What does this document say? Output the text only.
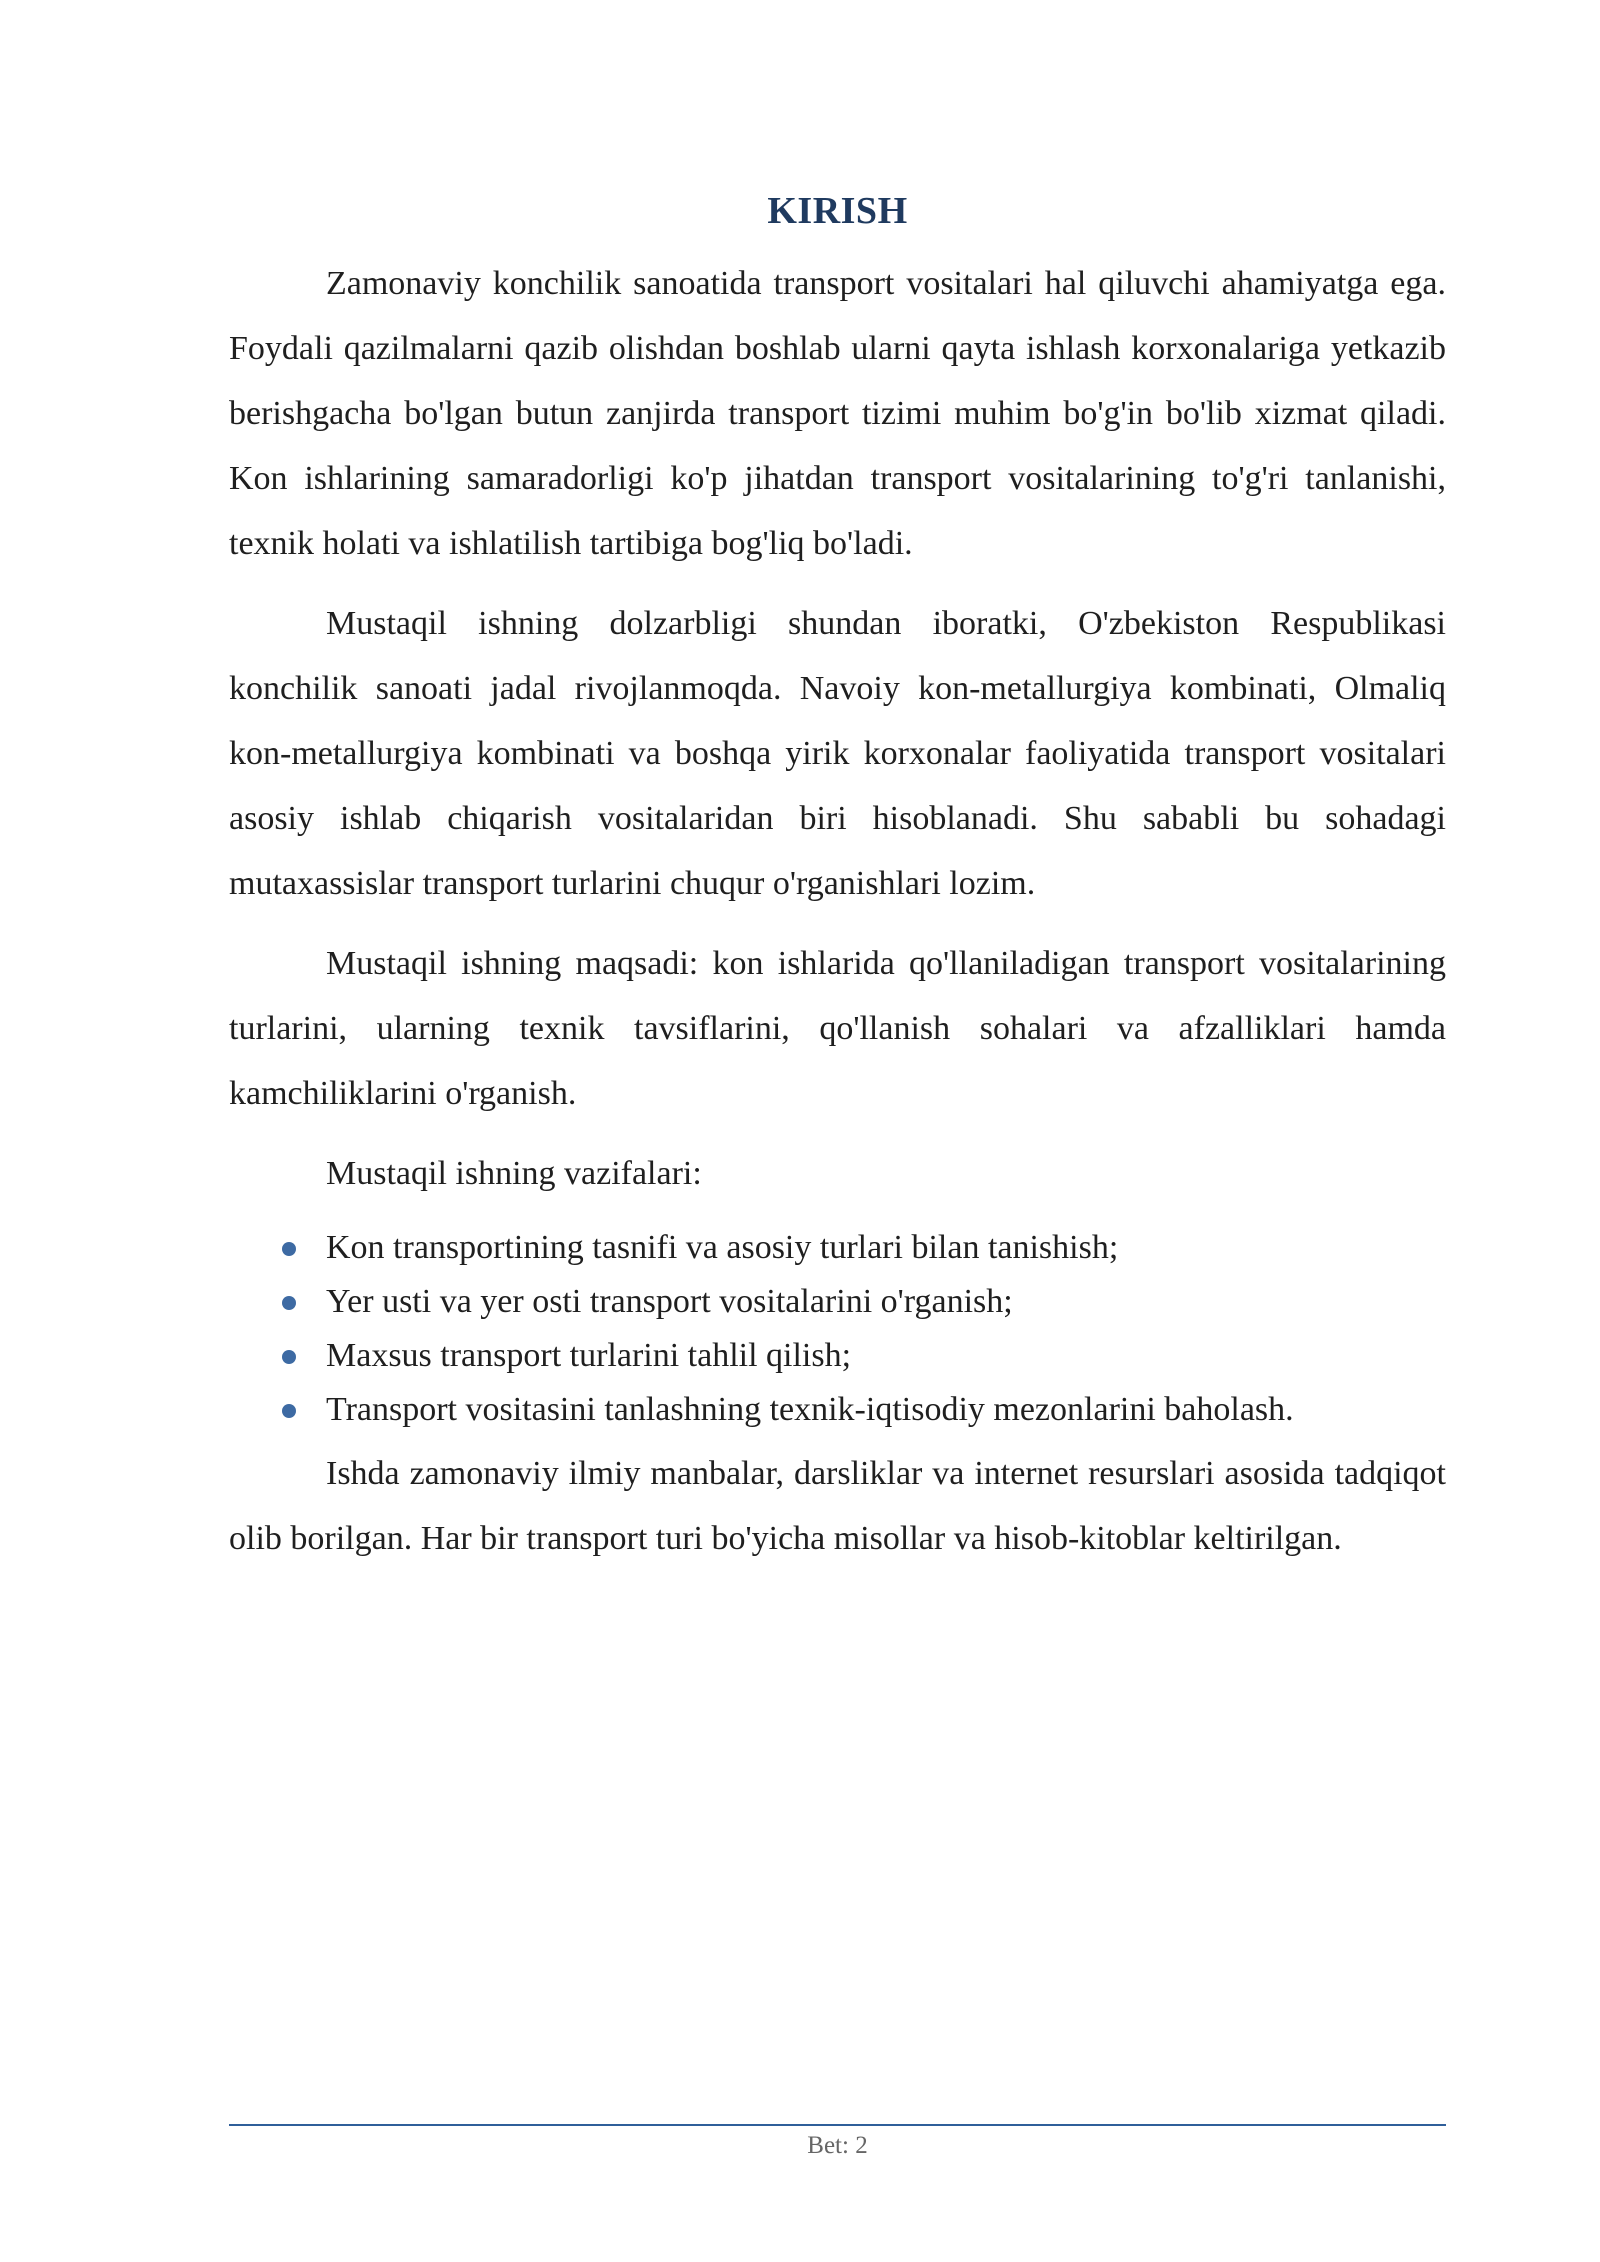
KIRISH

Zamonaviy konchilik sanoatida transport vositalari hal qiluvchi ahamiyatga ega. Foydali qazilmalarni qazib olishdan boshlab ularni qayta ishlash korxonalariga yetkazib berishgacha bo'lgan butun zanjirda transport tizimi muhim bo'g'in bo'lib xizmat qiladi. Kon ishlarining samaradorligi ko'p jihatdan transport vositalarining to'g'ri tanlanishi, texnik holati va ishlatilish tartibiga bog'liq bo'ladi.

Mustaqil ishning dolzarbligi shundan iboratki, O'zbekiston Respublikasi konchilik sanoati jadal rivojlanmoqda. Navoiy kon-metallurgiya kombinati, Olmaliq kon-metallurgiya kombinati va boshqa yirik korxonalar faoliyatida transport vositalari asosiy ishlab chiqarish vositalaridan biri hisoblanadi. Shu sababli bu sohadagi mutaxassislar transport turlarini chuqur o'rganishlari lozim.

Mustaqil ishning maqsadi: kon ishlarida qo'llaniladigan transport vositalarining turlarini, ularning texnik tavsiflarini, qo'llanish sohalari va afzalliklari hamda kamchiliklarini o'rganish.

Mustaqil ishning vazifalari:

Kon transportining tasnifi va asosiy turlari bilan tanishish;
Yer usti va yer osti transport vositalarini o'rganish;
Maxsus transport turlarini tahlil qilish;
Transport vositasini tanlashning texnik-iqtisodiy mezonlarini baholash.

Ishda zamonaviy ilmiy manbalar, darsliklar va internet resurslari asosida tadqiqot olib borilgan. Har bir transport turi bo'yicha misollar va hisob-kitoblar keltirilgan.

Bet: 2
